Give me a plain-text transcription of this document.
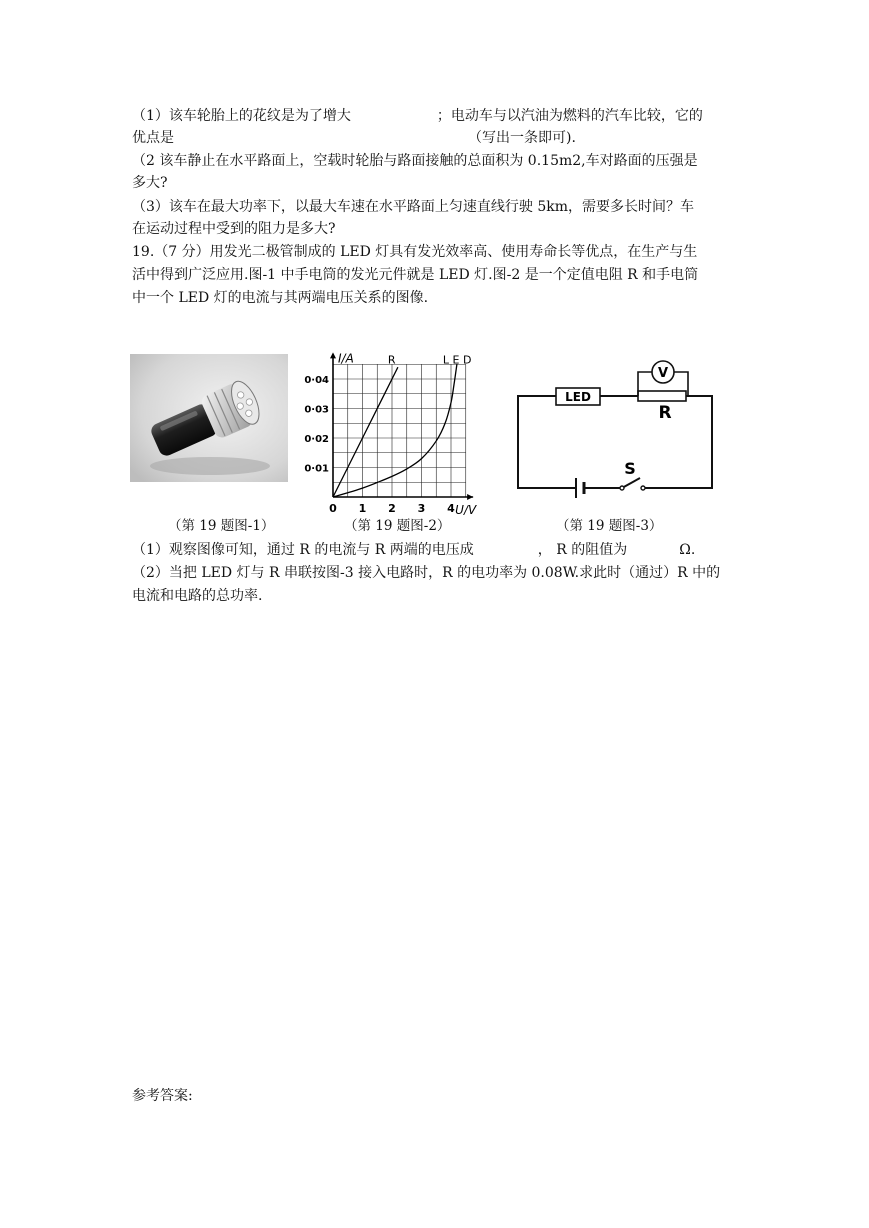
（1）该车轮胎上的花纹是为了增大	；电动车与以汽油为燃料的汽车比较，它的
优点是	（写出一条即可).
（2 该车静止在水平路面上，空载时轮胎与路面接触的总面积为 0.15m2,车对路面的压强是
多大?
（3）该车在最大功率下，以最大车速在水平路面上匀速直线行驶 5km，需要多长时间？车
在运动过程中受到的阻力是多大?
19.（7 分）用发光二极管制成的 LED 灯具有发光效率高、使用寿命长等优点，在生产与生
活中得到广泛应用.图-1 中手电筒的发光元件就是 LED 灯.图-2 是一个定值电阻 R 和手电筒
中一个 LED 灯的电流与其两端电压关系的图像.
0 1 2 3 4
0·01
0·02
0·03
0·04
I/A
U/V
R	L E D
LED
V
R
S
（第 19 题图-1）	（第 19 题图-2）	（第 19 题图-3）
（1）观察图像可知，通过 R 的电流与 R 两端的电压成	， R 的阻值为	Ω.
（2）当把 LED 灯与 R 串联按图-3 接入电路时，R 的电功率为 0.08W.求此时（通过）R 中的
电流和电路的总功率.
参考答案:
